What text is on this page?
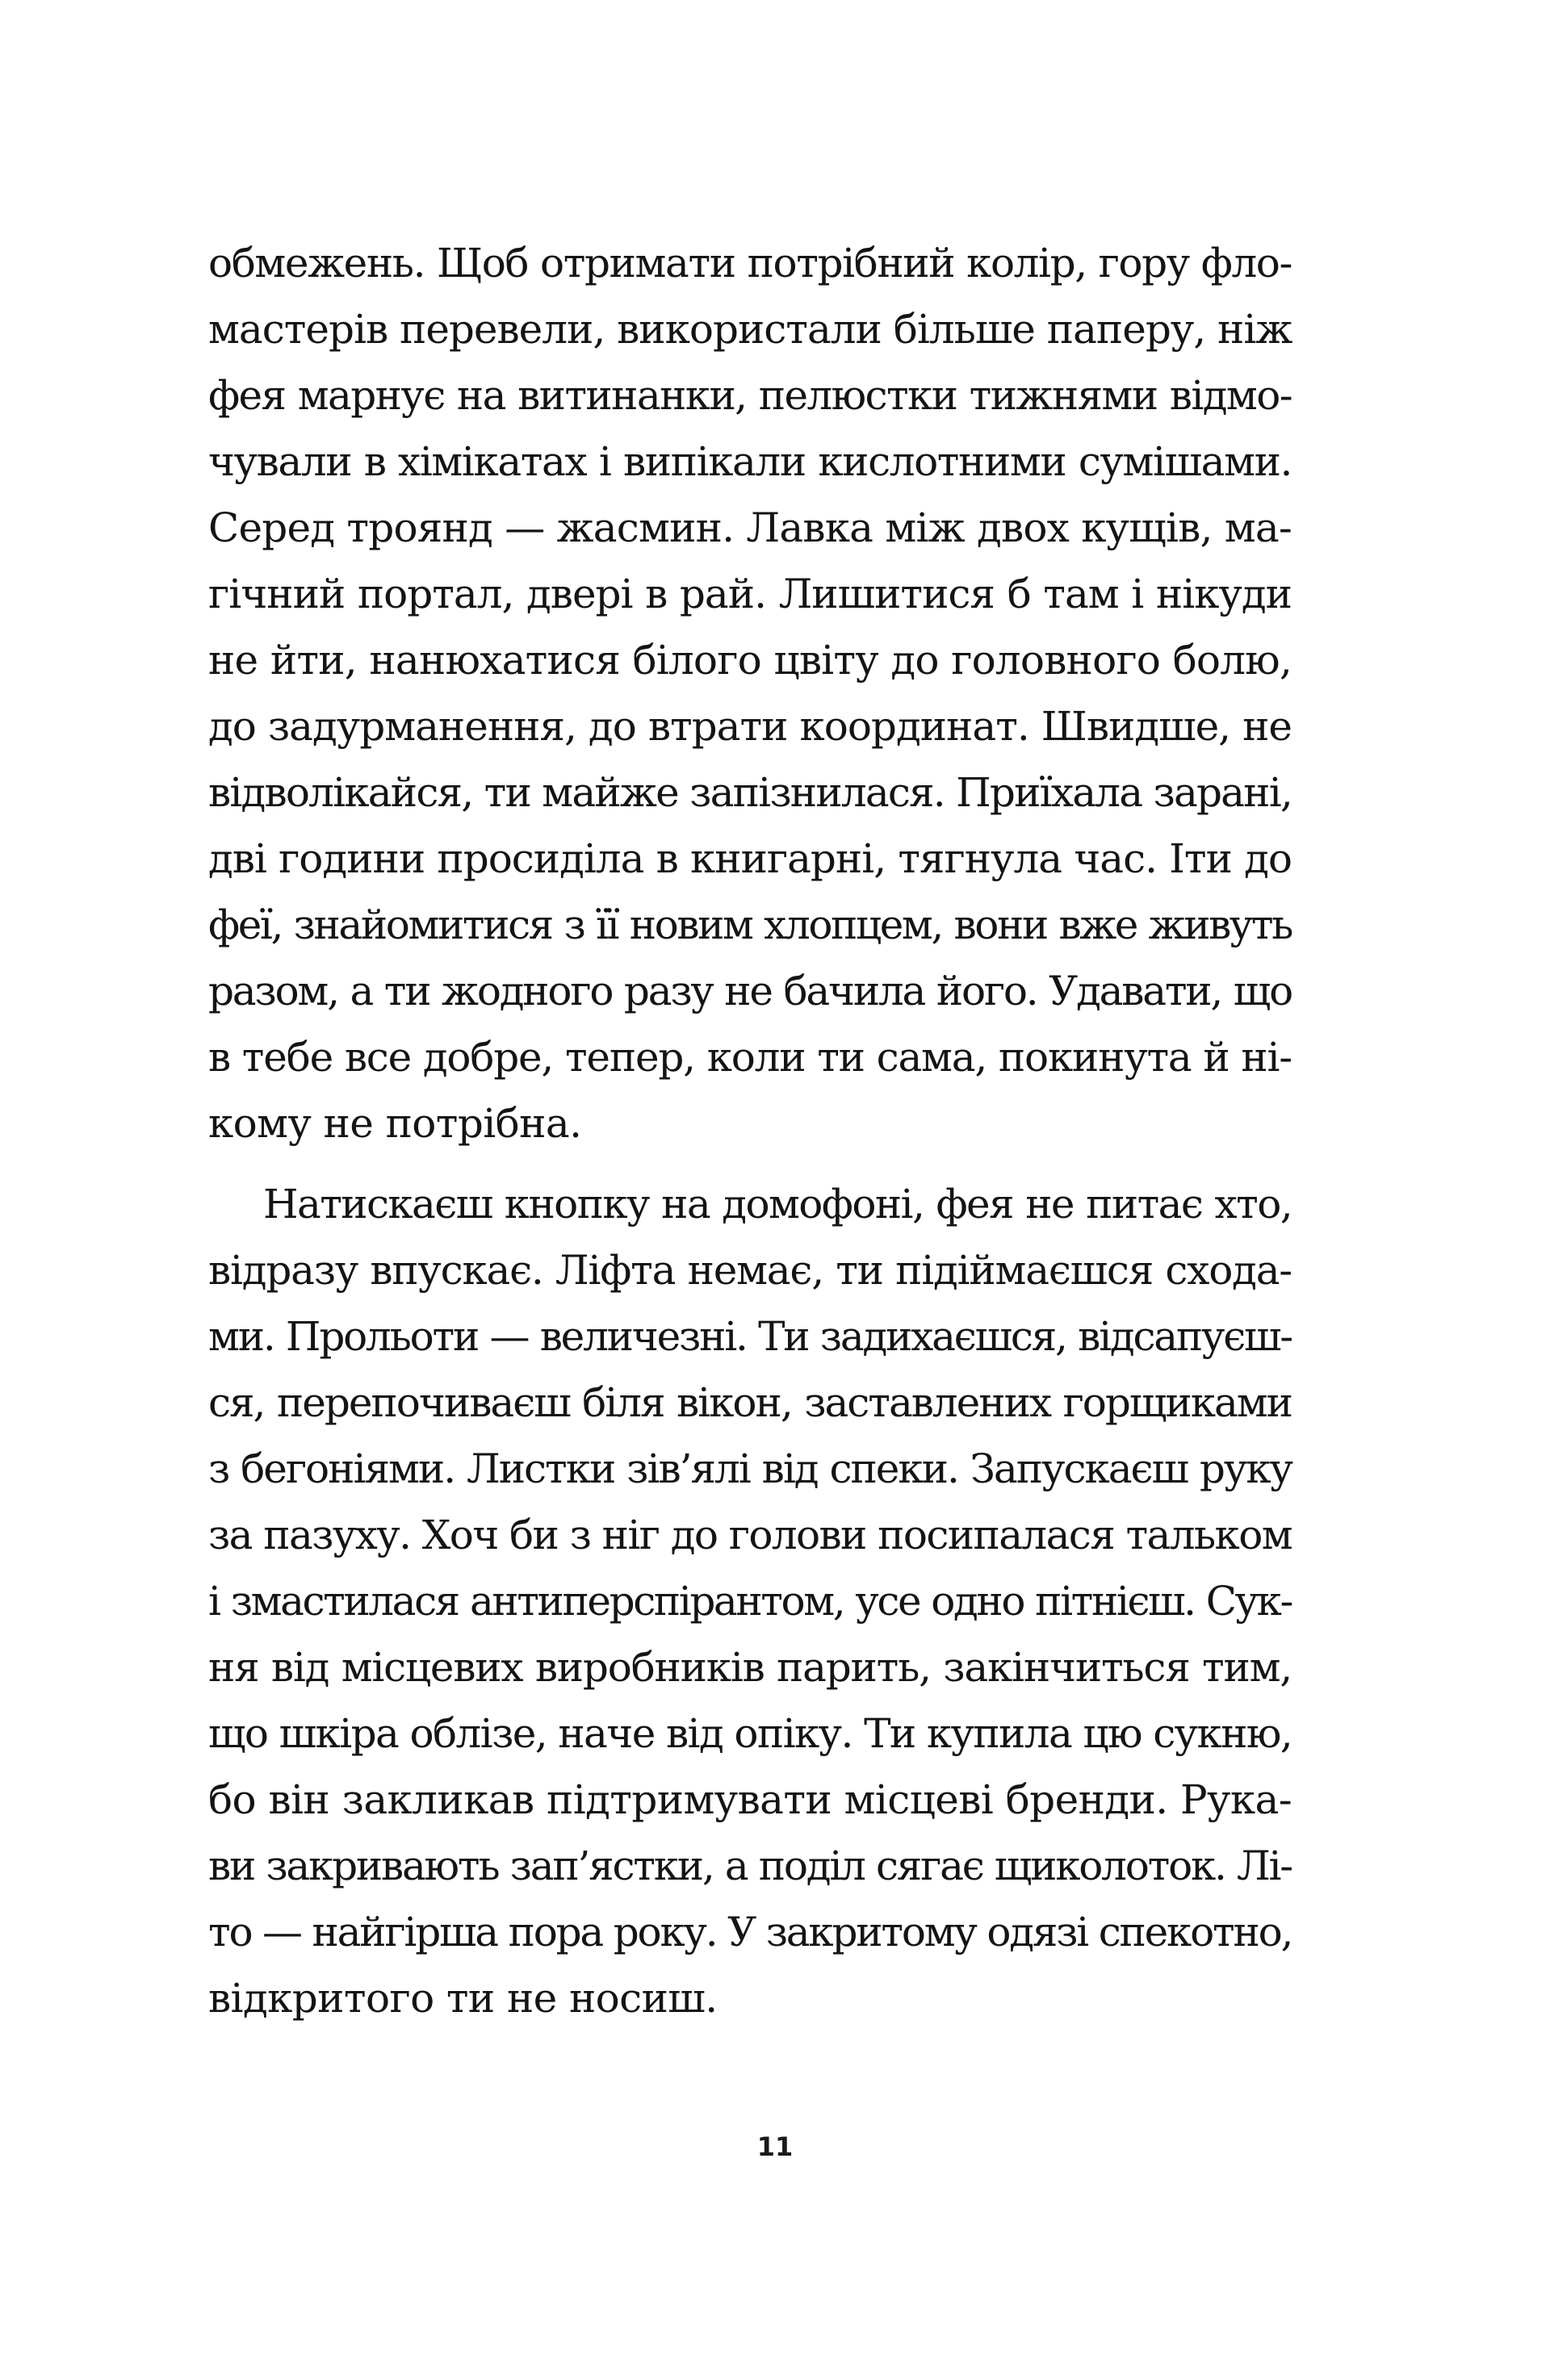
обмежень. Щоб отримати потрібний колір, гору фло-
мастерів перевели, використали більше паперу, ніж
фея марнує на витинанки, пелюстки тижнями відмо-
чували в хімікатах і випікали кислотними сумішами.
Серед троянд — жасмин. Лавка між двох кущів, ма-
гічний портал, двері в рай. Лишитися б там і нікуди
не йти, нанюхатися білого цвіту до головного болю,
до задурманення, до втрати координат. Швидше, не
відволікайся, ти майже запізнилася. Приїхала зарані,
дві години просиділа в книгарні, тягнула час. Іти до
феї, знайомитися з її новим хлопцем, вони вже живуть
разом, а ти жодного разу не бачила його. Удавати, що
в тебе все добре, тепер, коли ти сама, покинута й ні-
кому не потрібна.

Натискаєш кнопку на домофоні, фея не питає хто,
відразу впускає. Ліфта немає, ти підіймаєшся схода-
ми. Прольоти — величезні. Ти задихаєшся, відсапуєш-
ся, перепочиваєш біля вікон, заставлених горщиками
з бегоніями. Листки зів’ялі від спеки. Запускаєш руку
за пазуху. Хоч би з ніг до голови посипалася тальком
і змастилася антиперспірантом, усе одно пітнієш. Сук-
ня від місцевих виробників парить, закінчиться тим,
що шкіра облізе, наче від опіку. Ти купила цю сукню,
бо він закликав підтримувати місцеві бренди. Рука-
ви закривають зап’ястки, а поділ сягає щиколоток. Лі-
то — найгірша пора року. У закритому одязі спекотно,
відкритого ти не носиш.

11
